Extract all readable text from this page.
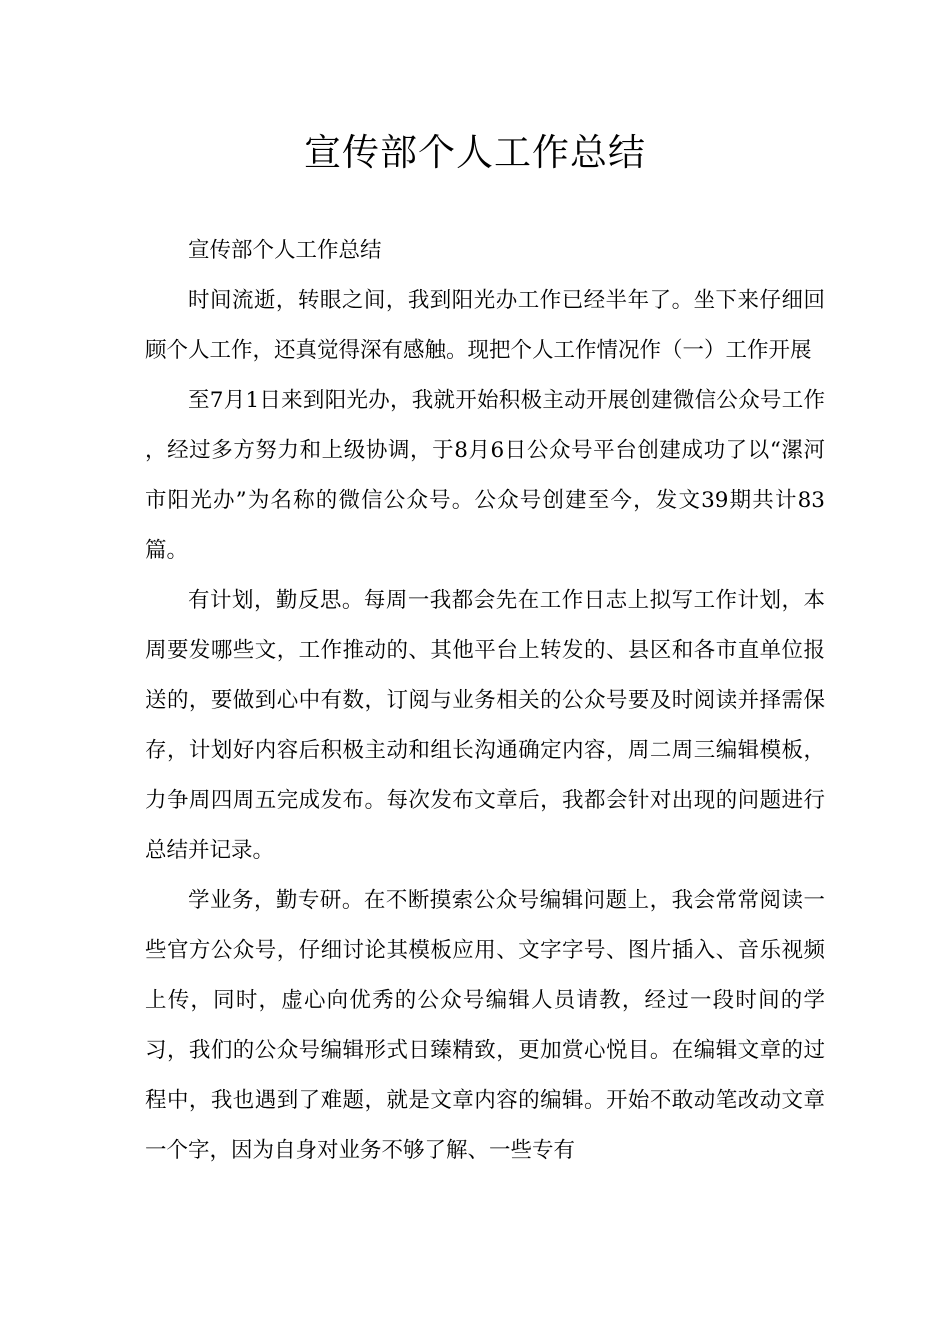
宣传部个人工作总结

宣传部个人工作总结

时间流逝，转眼之间，我到阳光办工作已经半年了。坐下来仔细回顾个人工作，还真觉得深有感触。现把个人工作情况作（一）工作开展

至7月1日来到阳光办，我就开始积极主动开展创建微信公众号工作 ，经过多方努力和上级协调，于8月6日公众号平台创建成功了以“漯河市阳光办”为名称的微信公众号。公众号创建至今，发文39期共计83篇。

有计划，勤反思。每周一我都会先在工作日志上拟写工作计划，本周要发哪些文，工作推动的、其他平台上转发的、县区和各市直单位报送的，要做到心中有数，订阅与业务相关的公众号要及时阅读并择需保存，计划好内容后积极主动和组长沟通确定内容，周二周三编辑模板，力争周四周五完成发布。每次发布文章后，我都会针对出现的问题进行总结并记录。

学业务，勤专研。在不断摸索公众号编辑问题上，我会常常阅读一些官方公众号，仔细讨论其模板应用、文字字号、图片插入、音乐视频上传，同时，虚心向优秀的公众号编辑人员请教，经过一段时间的学习，我们的公众号编辑形式日臻精致，更加赏心悦目。在编辑文章的过程中，我也遇到了难题，就是文章内容的编辑。开始不敢动笔改动文章一个字，因为自身对业务不够了解、一些专有
